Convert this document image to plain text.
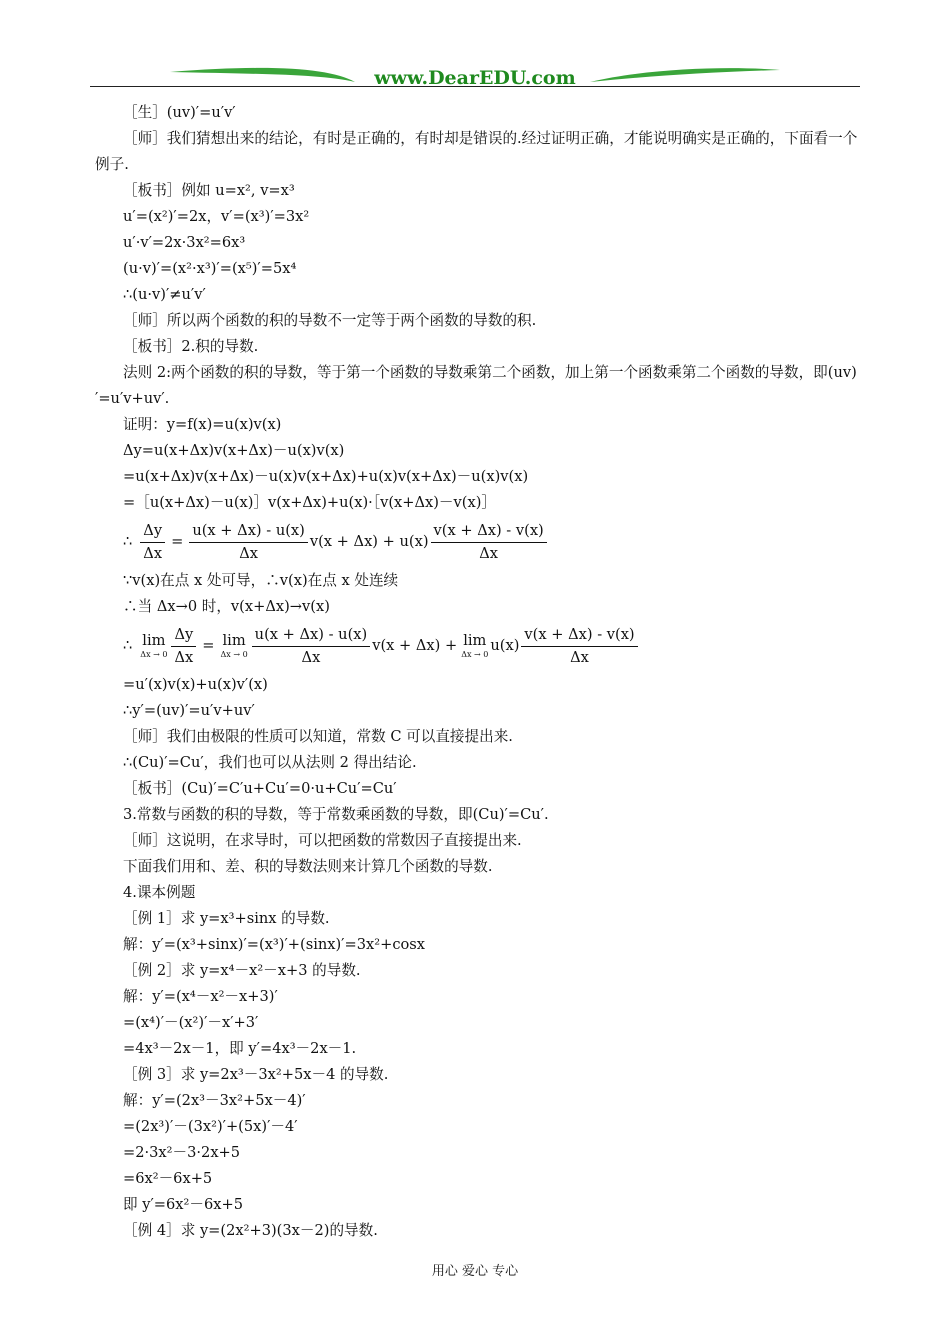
www.DearEDU.com
［生］(uv)′=u′v′
［师］我们猜想出来的结论，有时是正确的，有时却是错误的.经过证明正确，才能说明确实是正确的，下面看一个例子.
［板书］例如 u=x², v=x³
u′=(x²)′=2x，v′=(x³)′=3x²
u′·v′=2x·3x²=6x³
(u·v)′=(x²·x³)′=(x⁵)′=5x⁴
∴(u·v)′≠u′v′
［师］所以两个函数的积的导数不一定等于两个函数的导数的积.
［板书］2.积的导数.
法则 2:两个函数的积的导数，等于第一个函数的导数乘第二个函数，加上第一个函数乘第二个函数的导数，即(uv)′=u′v+uv′.
证明：y=f(x)=u(x)v(x)
Δy=u(x+Δx)v(x+Δx)－u(x)v(x)
=u(x+Δx)v(x+Δx)－u(x)v(x+Δx)+u(x)v(x+Δx)－u(x)v(x)
=［u(x+Δx)－u(x)］v(x+Δx)+u(x)·［v(x+Δx)－v(x)］
∴ $\frac{\Delta y}{\Delta x} = \frac{u(x + \Delta x) - u(x)}{\Delta x} v(x + \Delta x) + u(x) \frac{v(x + \Delta x) - v(x)}{\Delta x}$
∵v(x)在点 x 处可导，∴v(x)在点 x 处连续
∴当 Δx→0 时，v(x+Δx)→v(x)
∴ lim
$\Delta x \to 0 \frac{\Delta y}{\Delta x} = \lim$
$\Delta x \to 0 \frac{u(x + \Delta x) - u(x)}{\Delta x} v(x + \Delta x) + \lim$
Δx → 0
$u(x) \frac{v(x + \Delta x) - v(x)}{\Delta x}$
=u′(x)v(x)+u(x)v′(x)
∴y′=(uv)′=u′v+uv′
［师］我们由极限的性质可以知道，常数 C 可以直接提出来.
∴(Cu)′=Cu′，我们也可以从法则 2 得出结论.
［板书］(Cu)′=C′u+Cu′=0·u+Cu′=Cu′
3.常数与函数的积的导数，等于常数乘函数的导数，即(Cu)′=Cu′.
［师］这说明，在求导时，可以把函数的常数因子直接提出来.
下面我们用和、差、积的导数法则来计算几个函数的导数.
4.课本例题
［例 1］求 y=x³+sinx 的导数.
解：y′=(x³+sinx)′=(x³)′+(sinx)′=3x²+cosx
［例 2］求 y=x⁴－x²－x+3 的导数.
解：y′=(x⁴－x²－x+3)′
=(x⁴)′－(x²)′－x′+3′
=4x³－2x－1，即 y′=4x³－2x－1.
［例 3］求 y=2x³－3x²+5x－4 的导数.
解：y′=(2x³－3x²+5x－4)′
=(2x³)′－(3x²)′+(5x)′－4′
=2·3x²－3·2x+5
=6x²－6x+5
即 y′=6x²－6x+5
［例 4］求 y=(2x²+3)(3x－2)的导数.
用心 爱心 专心
